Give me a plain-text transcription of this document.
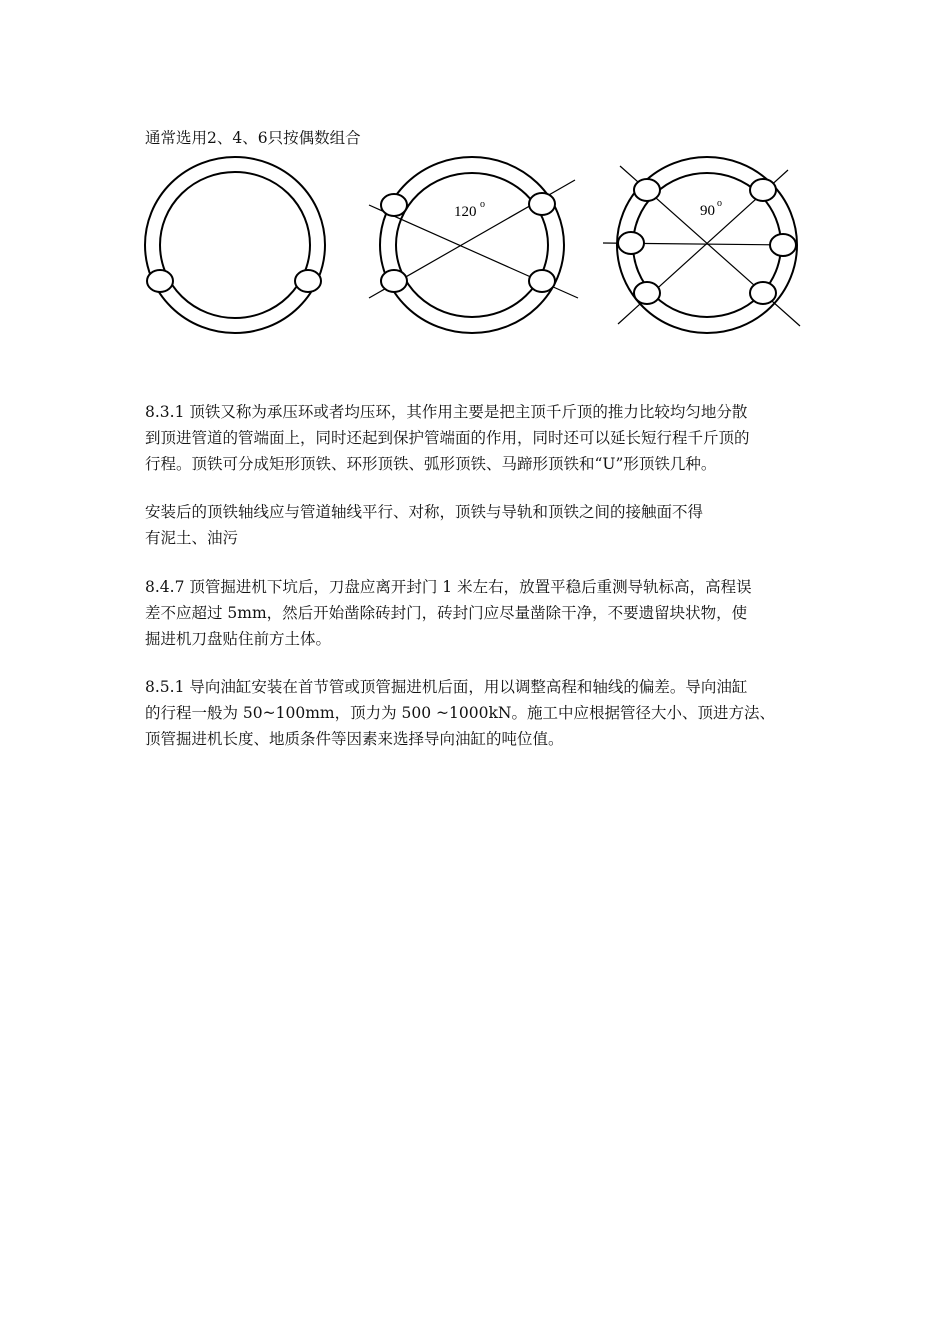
通常选用2、4、6只按偶数组合
120 o	90 o

8.3.1 顶铁又称为承压环或者均压环，其作用主要是把主顶千斤顶的推力比较均匀地分散
到顶进管道的管端面上，同时还起到保护管端面的作用，同时还可以延长短行程千斤顶的
行程。顶铁可分成矩形顶铁、环形顶铁、弧形顶铁、马蹄形顶铁和“U”形顶铁几种。

安装后的顶铁轴线应与管道轴线平行、对称，顶铁与导轨和顶铁之间的接触面不得
有泥土、油污

8.4.7 顶管掘进机下坑后，刀盘应离开封门 1 米左右，放置平稳后重测导轨标高，高程误
差不应超过 5mm，然后开始凿除砖封门，砖封门应尽量凿除干净，不要遗留块状物，使
掘进机刀盘贴住前方土体。

8.5.1 导向油缸安装在首节管或顶管掘进机后面，用以调整高程和轴线的偏差。导向油缸
的行程一般为 50~100mm，顶力为 500 ~1000kN。施工中应根据管径大小、顶进方法、
顶管掘进机长度、地质条件等因素来选择导向油缸的吨位值。
